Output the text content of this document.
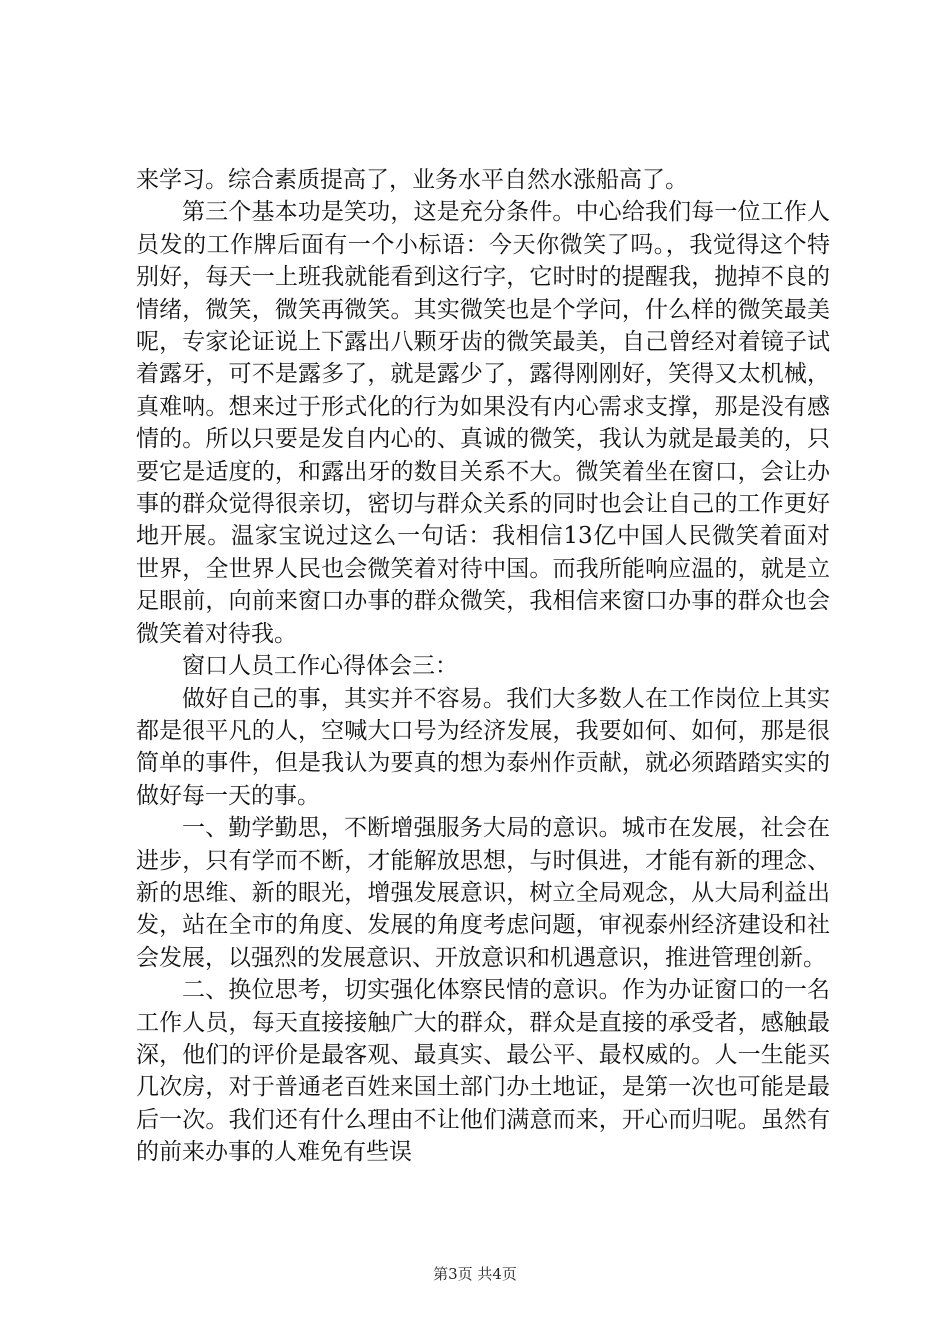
来学习。综合素质提高了，业务水平自然水涨船高了。

第三个基本功是笑功，这是充分条件。中心给我们每一位工作人员发的工作牌后面有一个小标语：今天你微笑了吗。，我觉得这个特别好，每天一上班我就能看到这行字，它时时的提醒我，抛掉不良的情绪，微笑，微笑再微笑。其实微笑也是个学问，什么样的微笑最美呢，专家论证说上下露出八颗牙齿的微笑最美，自己曾经对着镜子试着露牙，可不是露多了，就是露少了，露得刚刚好，笑得又太机械，真难呐。想来过于形式化的行为如果没有内心需求支撑，那是没有感情的。所以只要是发自内心的、真诚的微笑，我认为就是最美的，只要它是适度的，和露出牙的数目关系不大。微笑着坐在窗口，会让办事的群众觉得很亲切，密切与群众关系的同时也会让自己的工作更好地开展。温家宝说过这么一句话：我相信13亿中国人民微笑着面对世界，全世界人民也会微笑着对待中国。而我所能响应温的，就是立足眼前，向前来窗口办事的群众微笑，我相信来窗口办事的群众也会微笑着对待我。

窗口人员工作心得体会三：

做好自己的事，其实并不容易。我们大多数人在工作岗位上其实都是很平凡的人，空喊大口号为经济发展，我要如何、如何，那是很简单的事件，但是我认为要真的想为泰州作贡献，就必须踏踏实实的做好每一天的事。

一、勤学勤思，不断增强服务大局的意识。城市在发展，社会在进步，只有学而不断，才能解放思想，与时俱进，才能有新的理念、新的思维、新的眼光，增强发展意识，树立全局观念，从大局利益出发，站在全市的角度、发展的角度考虑问题，审视泰州经济建设和社会发展，以强烈的发展意识、开放意识和机遇意识，推进管理创新。

二、换位思考，切实强化体察民情的意识。作为办证窗口的一名工作人员，每天直接接触广大的群众，群众是直接的承受者，感触最深，他们的评价是最客观、最真实、最公平、最权威的。人一生能买几次房，对于普通老百姓来国土部门办土地证，是第一次也可能是最后一次。我们还有什么理由不让他们满意而来，开心而归呢。虽然有的前来办事的人难免有些误

第3页 共4页
